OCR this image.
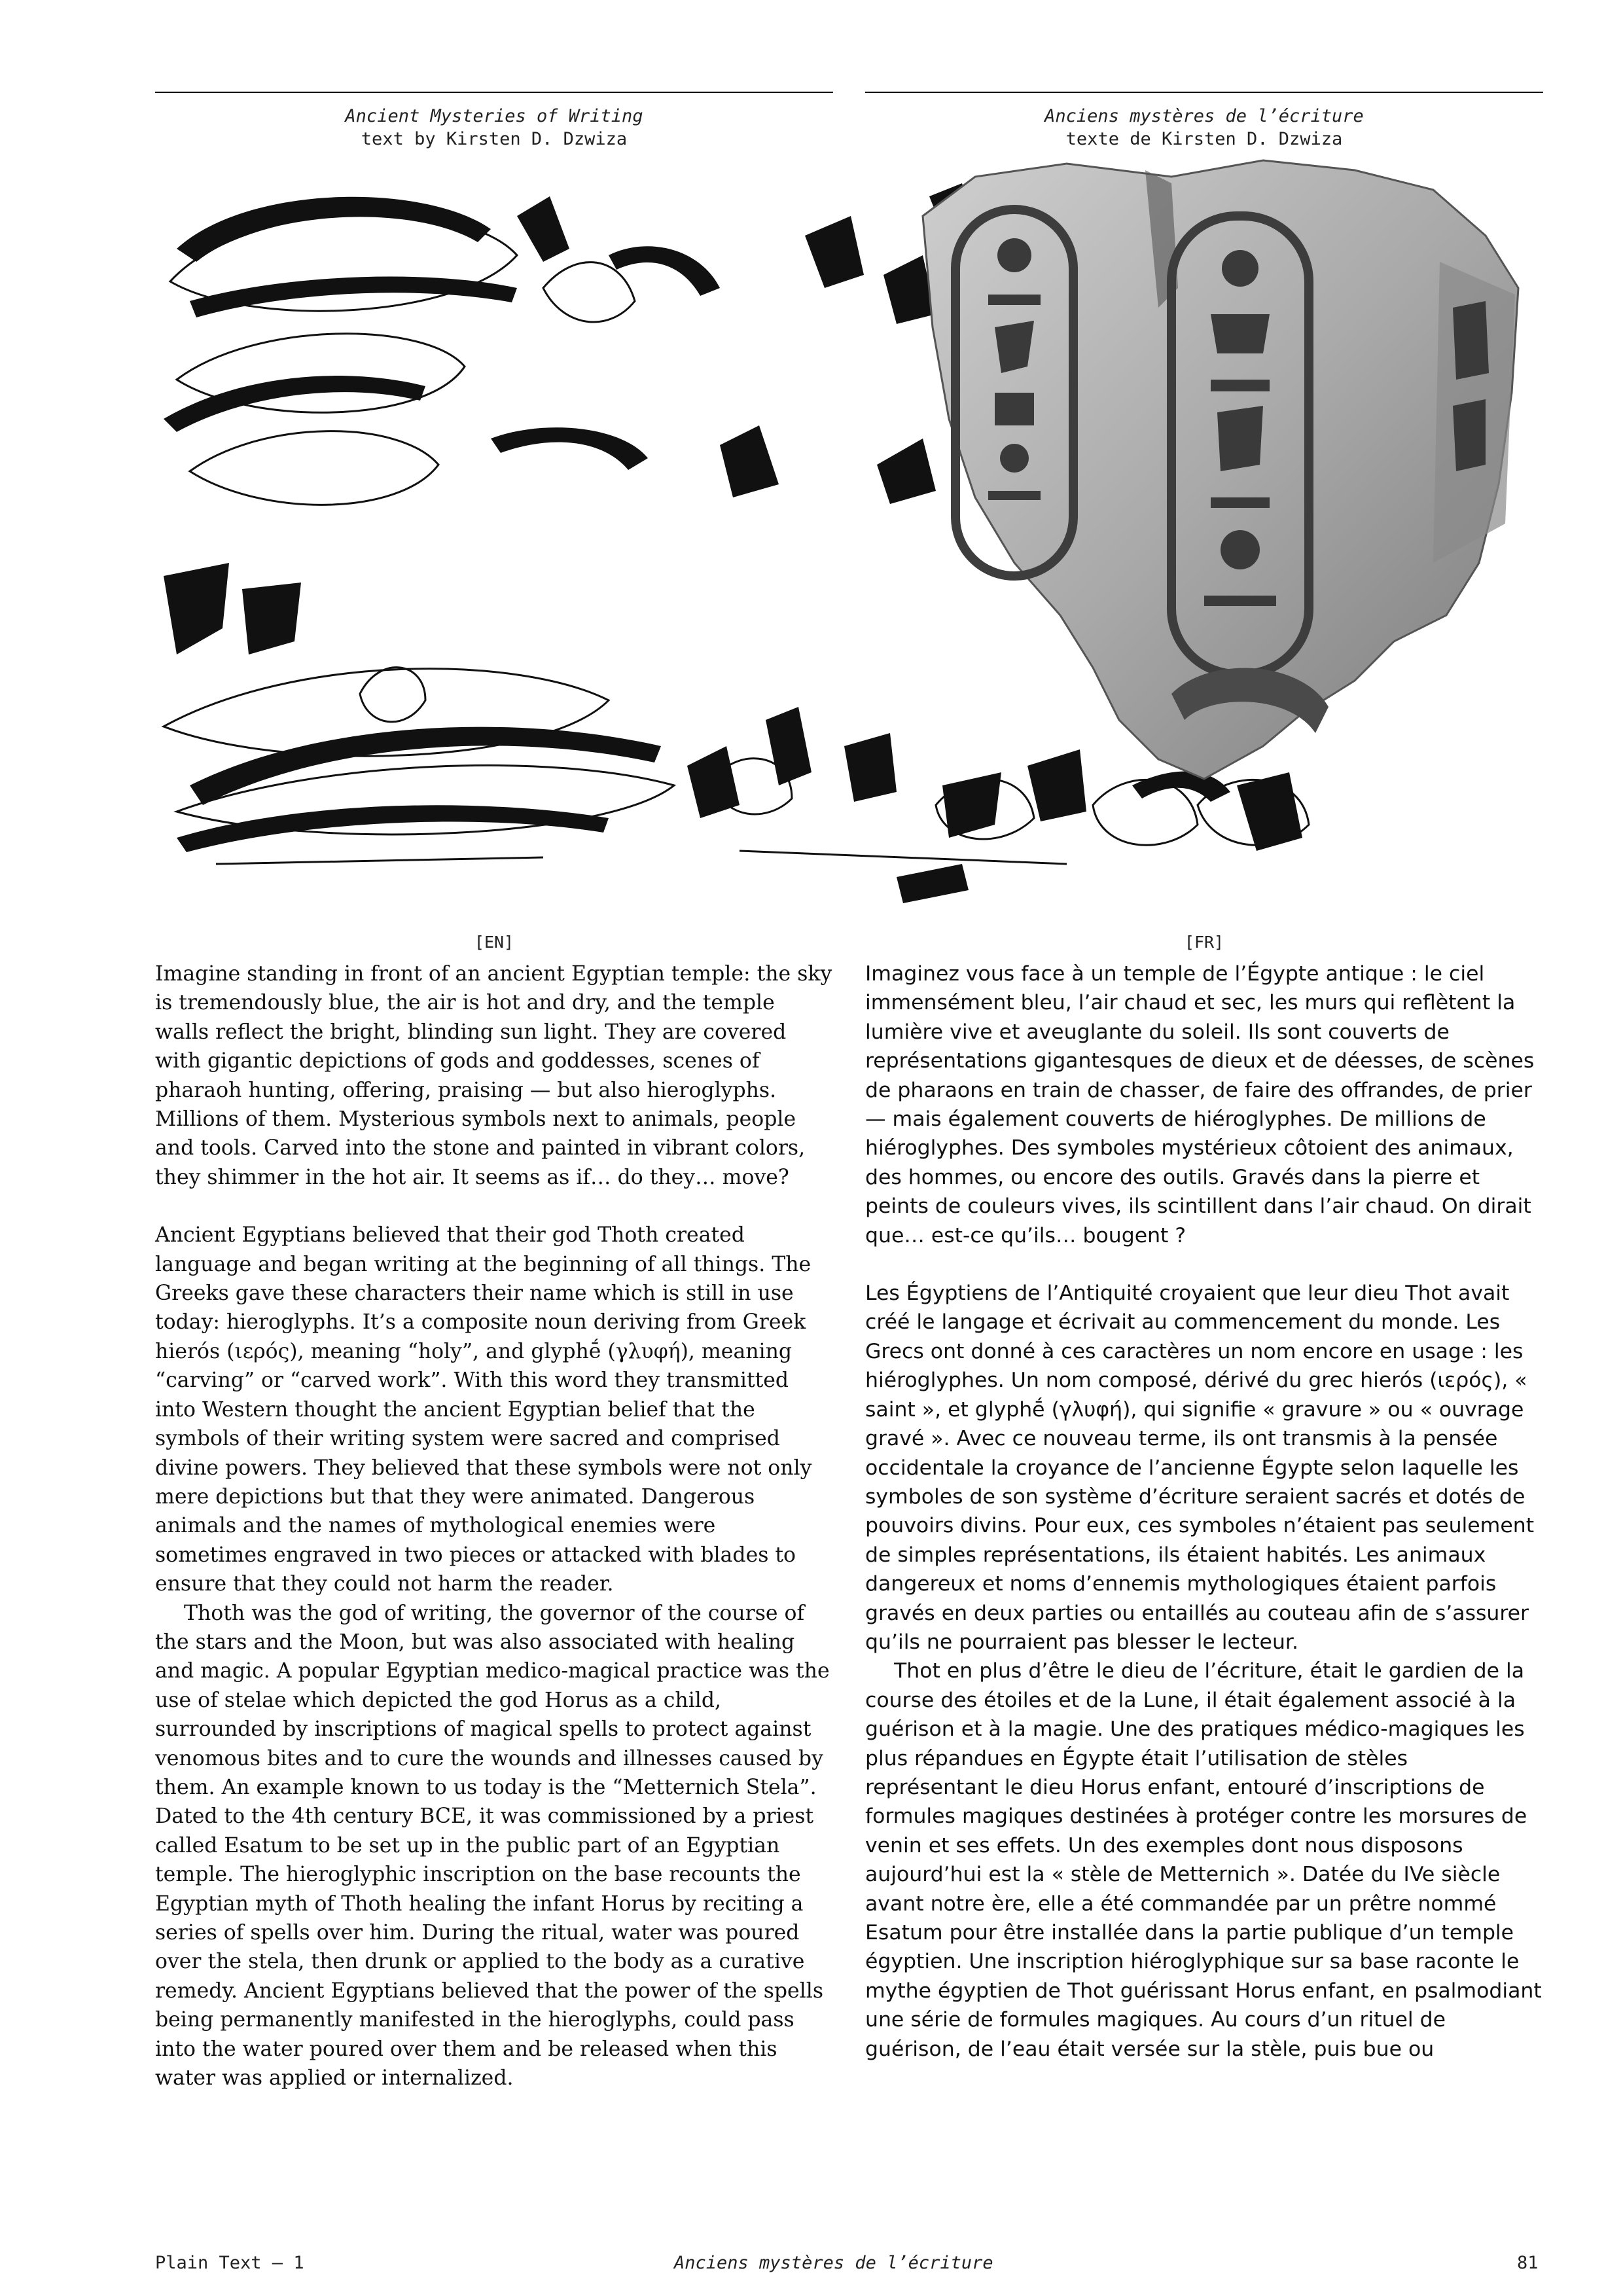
Ancient Mysteries of Writing
text by Kirsten D. Dzwiza
Anciens mystères de l’écriture
texte de Kirsten D. Dzwiza
[EN]	[FR]

Imagine standing in front of an ancient Egyptian temple: the sky is tremendously blue, the air is hot and dry, and the temple walls reflect the bright, blinding sun light. They are covered with gigantic depictions of gods and goddesses, scenes of pharaoh hunting, offering, praising — but also hieroglyphs. Millions of them. Mysterious symbols next to animals, people and tools. Carved into the stone and painted in vibrant colors, they shimmer in the hot air. It seems as if… do they… move?

Ancient Egyptians believed that their god Thoth created language and began writing at the beginning of all things. The Greeks gave these characters their name which is still in use today: hieroglyphs. It’s a composite noun deriving from Greek hierós (ιερός), meaning “holy”, and glyphḗ (γλυφή), meaning “carving” or “carved work”. With this word they transmitted into Western thought the ancient Egyptian belief that the symbols of their writing system were sacred and comprised divine powers. They believed that these symbols were not only mere depictions but that they were animated. Dangerous animals and the names of mythological enemies were sometimes engraved in two pieces or attacked with blades to ensure that they could not harm the reader.

Thoth was the god of writing, the governor of the course of the stars and the Moon, but was also associated with healing and magic. A popular Egyptian medico-magical practice was the use of stelae which depicted the god Horus as a child, surrounded by inscriptions of magical spells to protect against venomous bites and to cure the wounds and illnesses caused by them. An example known to us today is the “Metternich Stela”. Dated to the 4th century BCE, it was commissioned by a priest called Esatum to be set up in the public part of an Egyptian temple. The hieroglyphic inscription on the base recounts the Egyptian myth of Thoth healing the infant Horus by reciting a series of spells over him. During the ritual, water was poured over the stela, then drunk or applied to the body as a curative remedy. Ancient Egyptians believed that the power of the spells being permanently manifested in the hieroglyphs, could pass into the water poured over them and be released when this water was applied or internalized.

Imaginez vous face à un temple de l’Égypte antique : le ciel immensément bleu, l’air chaud et sec, les murs qui reflètent la lumière vive et aveuglante du soleil. Ils sont couverts de représentations gigantesques de dieux et de déesses, de scènes de pharaons en train de chasser, de faire des offrandes, de prier — mais également couverts de hiéroglyphes. De millions de hiéroglyphes. Des symboles mystérieux côtoient des animaux, des hommes, ou encore des outils. Gravés dans la pierre et peints de couleurs vives, ils scintillent dans l’air chaud. On dirait que… est-ce qu’ils… bougent ?

Les Égyptiens de l’Antiquité croyaient que leur dieu Thot avait créé le langage et écrivait au commencement du monde. Les Grecs ont donné à ces caractères un nom encore en usage : les hiéroglyphes. Un nom composé, dérivé du grec hierós (ιερός), « saint », et glyphḗ (γλυφή), qui signifie « gravure » ou « ouvrage gravé ». Avec ce nouveau terme, ils ont transmis à la pensée occidentale la croyance de l’ancienne Égypte selon laquelle les symboles de son système d’écriture seraient sacrés et dotés de pouvoirs divins. Pour eux, ces symboles n’étaient pas seulement de simples représentations, ils étaient habités. Les animaux dangereux et noms d’ennemis mythologiques étaient parfois gravés en deux parties ou entaillés au couteau afin de s’assurer qu’ils ne pourraient pas blesser le lecteur.

Thot en plus d’être le dieu de l’écriture, était le gardien de la course des étoiles et de la Lune, il était également associé à la guérison et à la magie. Une des pratiques médico-magiques les plus répandues en Égypte était l’utilisation de stèles représentant le dieu Horus enfant, entouré d’inscriptions de formules magiques destinées à protéger contre les morsures de venin et ses effets. Un des exemples dont nous disposons aujourd’hui est la « stèle de Metternich ». Datée du IVe siècle avant notre ère, elle a été commandée par un prêtre nommé Esatum pour être installée dans la partie publique d’un temple égyptien. Une inscription hiéroglyphique sur sa base raconte le mythe égyptien de Thot guérissant Horus enfant, en psalmodiant une série de formules magiques. Au cours d’un rituel de guérison, de l’eau était versée sur la stèle, puis bue ou

Plain Text – 1	Anciens mystères de l’écriture	81
